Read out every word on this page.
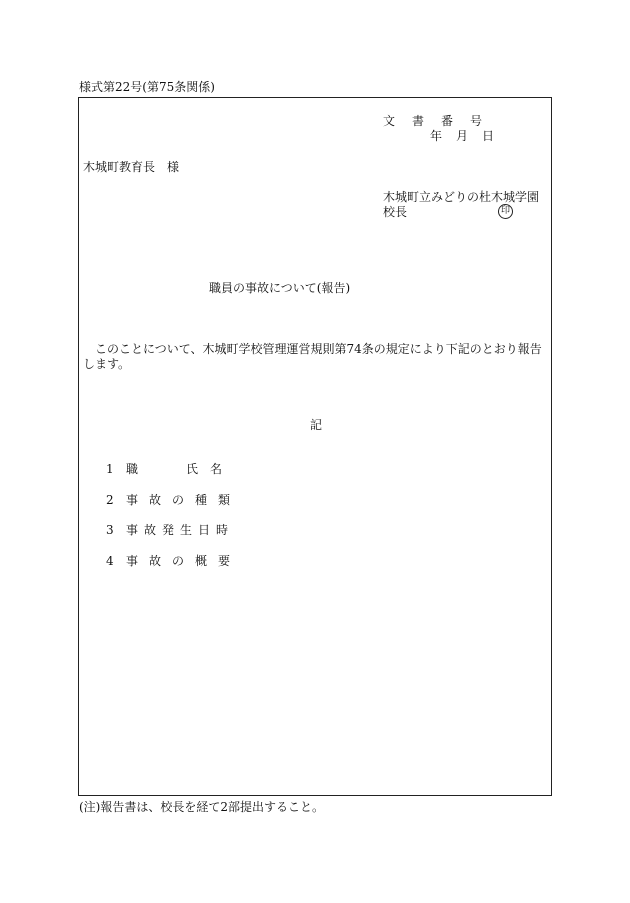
様式第22号(第75条関係)
文書番号
年月日
木城町教育長　様
木城町立みどりの杜木城学園
校長	印
職員の事故について(報告)
このことについて、木城町学校管理運営規則第74条の規定により下記のとおり報告します。
記
1 職　　　　氏　名
2 事故の種類
3 事故発生日時
4 事故の概要
(注)報告書は、校長を経て2部提出すること。
